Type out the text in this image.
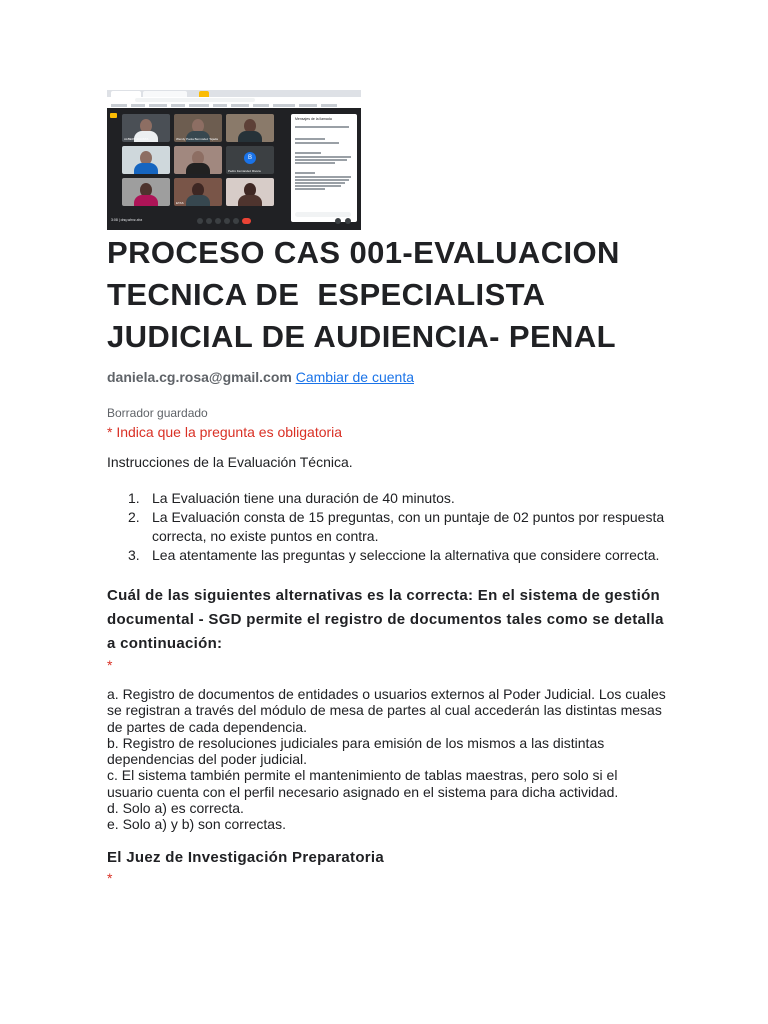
ALBERT ACOSTA	Wendy Paola Bermúdez Tejada
B
Pedro Fernández Rivera
ETAS
Mensajes de la llamada
3:08 | dnq-whvz-xbz
PROCESO CAS 001-EVALUACION
TECNICA DE  ESPECIALISTA
JUDICIAL DE AUDIENCIA- PENAL
daniela.cg.rosa@gmail.com Cambiar de cuenta
Borrador guardado
* Indica que la pregunta es obligatoria
Instrucciones de la Evaluación Técnica.
1. La Evaluación tiene una duración de 40 minutos.
2. La Evaluación consta de 15 preguntas, con un puntaje de 02 puntos por respuesta correcta, no existe puntos en contra.
3. Lea atentamente las preguntas y seleccione la alternativa que considere correcta.
Cuál de las siguientes alternativas es la correcta: En el sistema de gestión documental - SGD permite el registro de documentos tales como se detalla a continuación:
*
a. Registro de documentos de entidades o usuarios externos al Poder Judicial. Los cuales se registran a través del módulo de mesa de partes al cual accederán las distintas mesas de partes de cada dependencia.
b. Registro de resoluciones judiciales para emisión de los mismos a las distintas dependencias del poder judicial.
c. El sistema también permite el mantenimiento de tablas maestras, pero solo si el usuario cuenta con el perfil necesario asignado en el sistema para dicha actividad.
d. Solo a) es correcta.
e. Solo a) y b) son correctas.
El Juez de Investigación Preparatoria
*
